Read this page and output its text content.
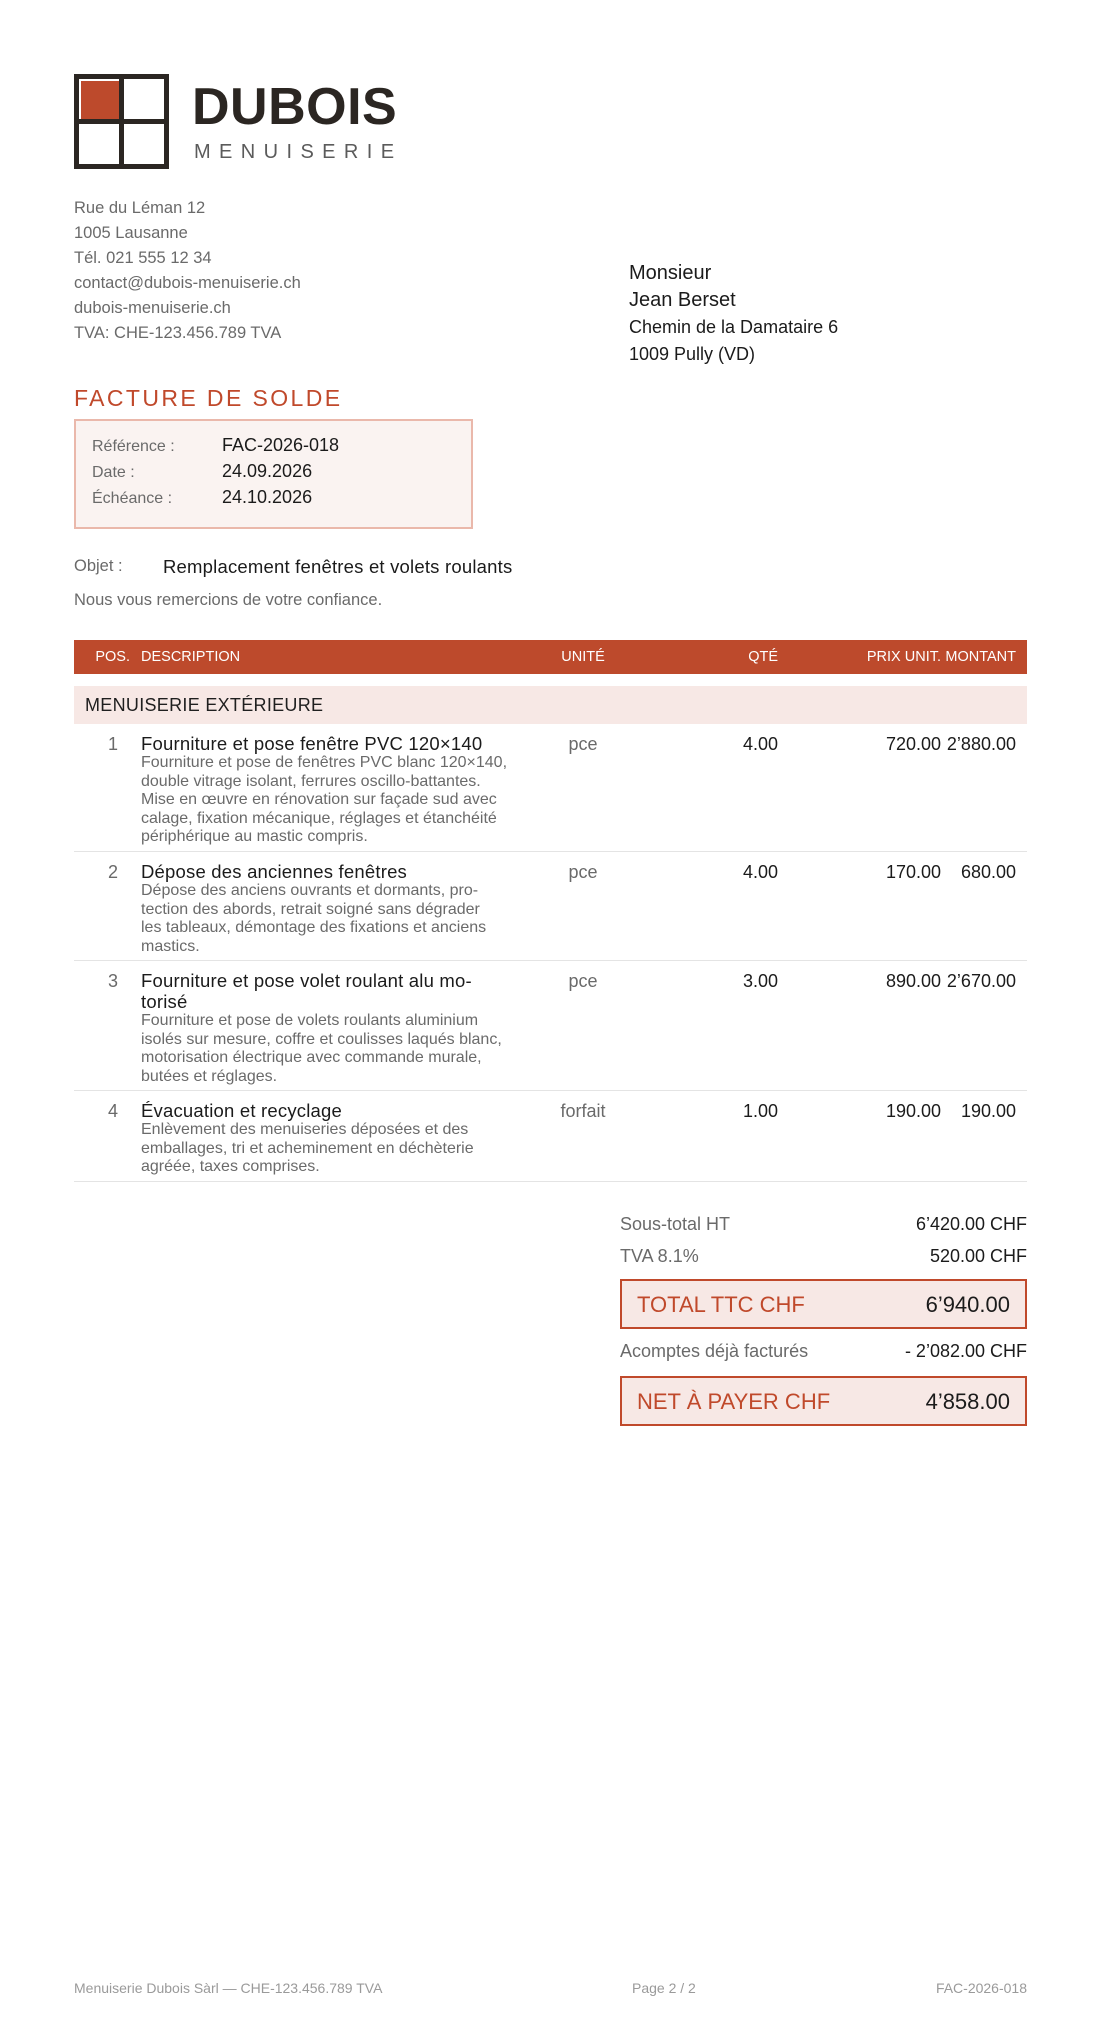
DUBOIS
MENUISERIE
Rue du Léman 12
1005 Lausanne
Tél. 021 555 12 34
contact@dubois-menuiserie.ch
dubois-menuiserie.ch
TVA: CHE-123.456.789 TVA
Monsieur
Jean Berset
Chemin de la Damataire 6
1009 Pully (VD)
FACTURE DE SOLDE
Référence :	FAC-2026-018
Date :	24.09.2026
Échéance :	24.10.2026
Objet : Remplacement fenêtres et volets roulants
Nous vous remercions de votre confiance.
POS. DESCRIPTION	UNITÉ	QTÉ	PRIX UNIT. MONTANT
MENUISERIE EXTÉRIEURE
1 Fourniture et pose fenêtre PVC 120×140
Fourniture et pose de fenêtres PVC blanc 120×140,
double vitrage isolant, ferrures oscillo-battantes.
Mise en œuvre en rénovation sur façade sud avec
calage, fixation mécanique, réglages et étanchéité
périphérique au mastic compris.
pce	4.00	720.00 2’880.00
2 Dépose des anciennes fenêtres
Dépose des anciens ouvrants et dormants, pro-
tection des abords, retrait soigné sans dégrader
les tableaux, démontage des fixations et anciens
mastics.
pce	4.00	170.00	680.00
3 Fourniture et pose volet roulant alu mo-
torisé
Fourniture et pose de volets roulants aluminium
isolés sur mesure, coffre et coulisses laqués blanc,
motorisation électrique avec commande murale,
butées et réglages.
pce	3.00	890.00 2’670.00
4 Évacuation et recyclage
Enlèvement des menuiseries déposées et des
emballages, tri et acheminement en déchèterie
agréée, taxes comprises.
forfait	1.00	190.00	190.00
Sous-total HT	6’420.00 CHF
TVA 8.1%	520.00 CHF
TOTAL TTC CHF	6’940.00
Acomptes déjà facturés	- 2’082.00 CHF
NET À PAYER CHF	4’858.00
Menuiserie Dubois Sàrl — CHE-123.456.789 TVA	Page 2 / 2	FAC-2026-018
